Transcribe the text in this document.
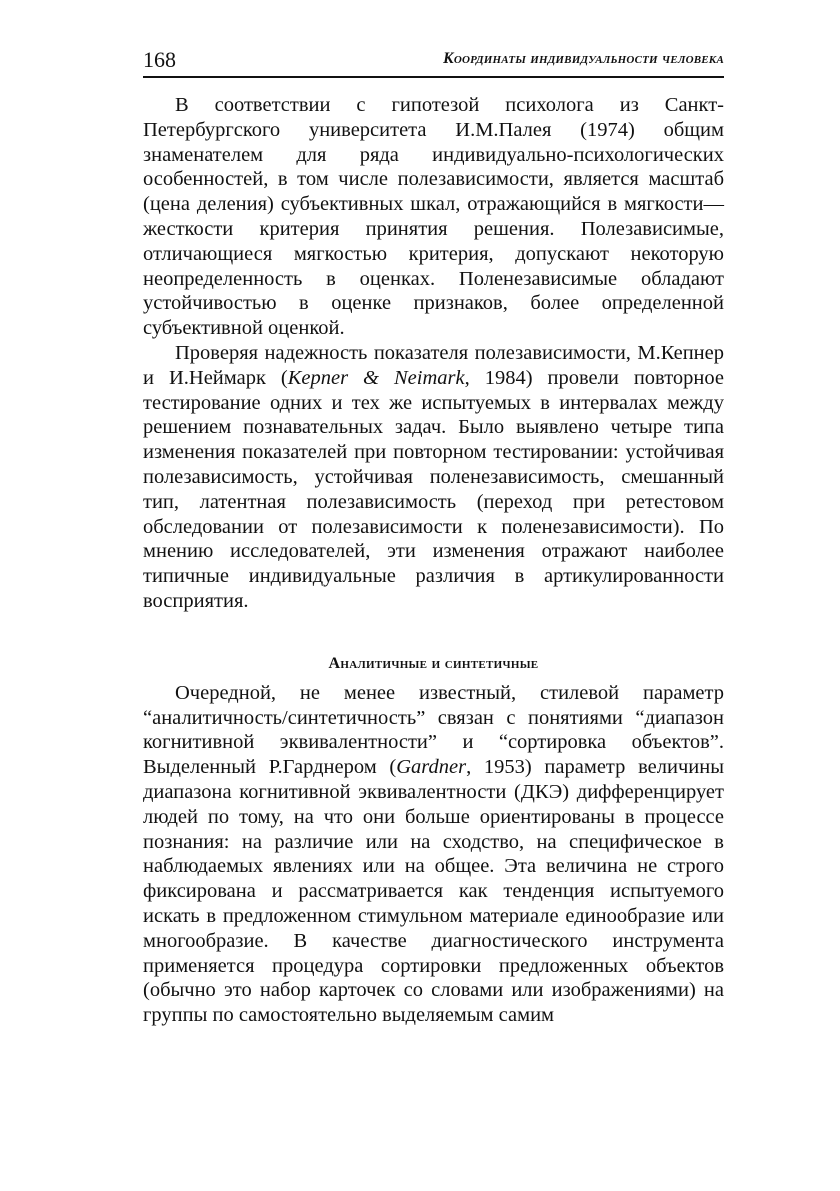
168	Координаты индивидуальности человека

В соответствии с гипотезой психолога из Санкт-Петербургского университета И.М.Палея (1974) общим знаменателем для ряда индивидуально-психологических особенностей, в том числе полезависимости, является масштаб (цена деления) субъективных шкал, отражающийся в мягкости—жесткости критерия принятия решения. Полезависимые, отличающиеся мягкостью критерия, допускают некоторую неопределенность в оценках. Поленезависимые обладают устойчивостью в оценке признаков, более определенной субъективной оценкой.

Проверяя надежность показателя полезависимости, М.Кепнер и И.Неймарк (Kepner & Neimark, 1984) провели повторное тестирование одних и тех же испытуемых в интервалах между решением познавательных задач. Было выявлено четыре типа изменения показателей при повторном тестировании: устойчивая полезависимость, устойчивая поленезависимость, смешанный тип, латентная полезависимость (переход при ретестовом обследовании от полезависимости к поленезависимости). По мнению исследователей, эти изменения отражают наиболее типичные индивидуальные различия в артикулированности восприятия.

Аналитичные и синтетичные

Очередной, не менее известный, стилевой параметр “аналитичность/синтетичность” связан с понятиями “диапазон когнитивной эквивалентности” и “сортировка объектов”. Выделенный Р.Гарднером (Gardner, 1953) параметр величины диапазона когнитивной эквивалентности (ДКЭ) дифференцирует людей по тому, на что они больше ориентированы в процессе познания: на различие или на сходство, на специфическое в наблюдаемых явлениях или на общее. Эта величина не строго фиксирована и рассматривается как тенденция испытуемого искать в предложенном стимульном материале единообразие или многообразие. В качестве диагностического инструмента применяется процедура сортировки предложенных объектов (обычно это набор карточек со словами или изображениями) на группы по самостоятельно выделяемым самим
